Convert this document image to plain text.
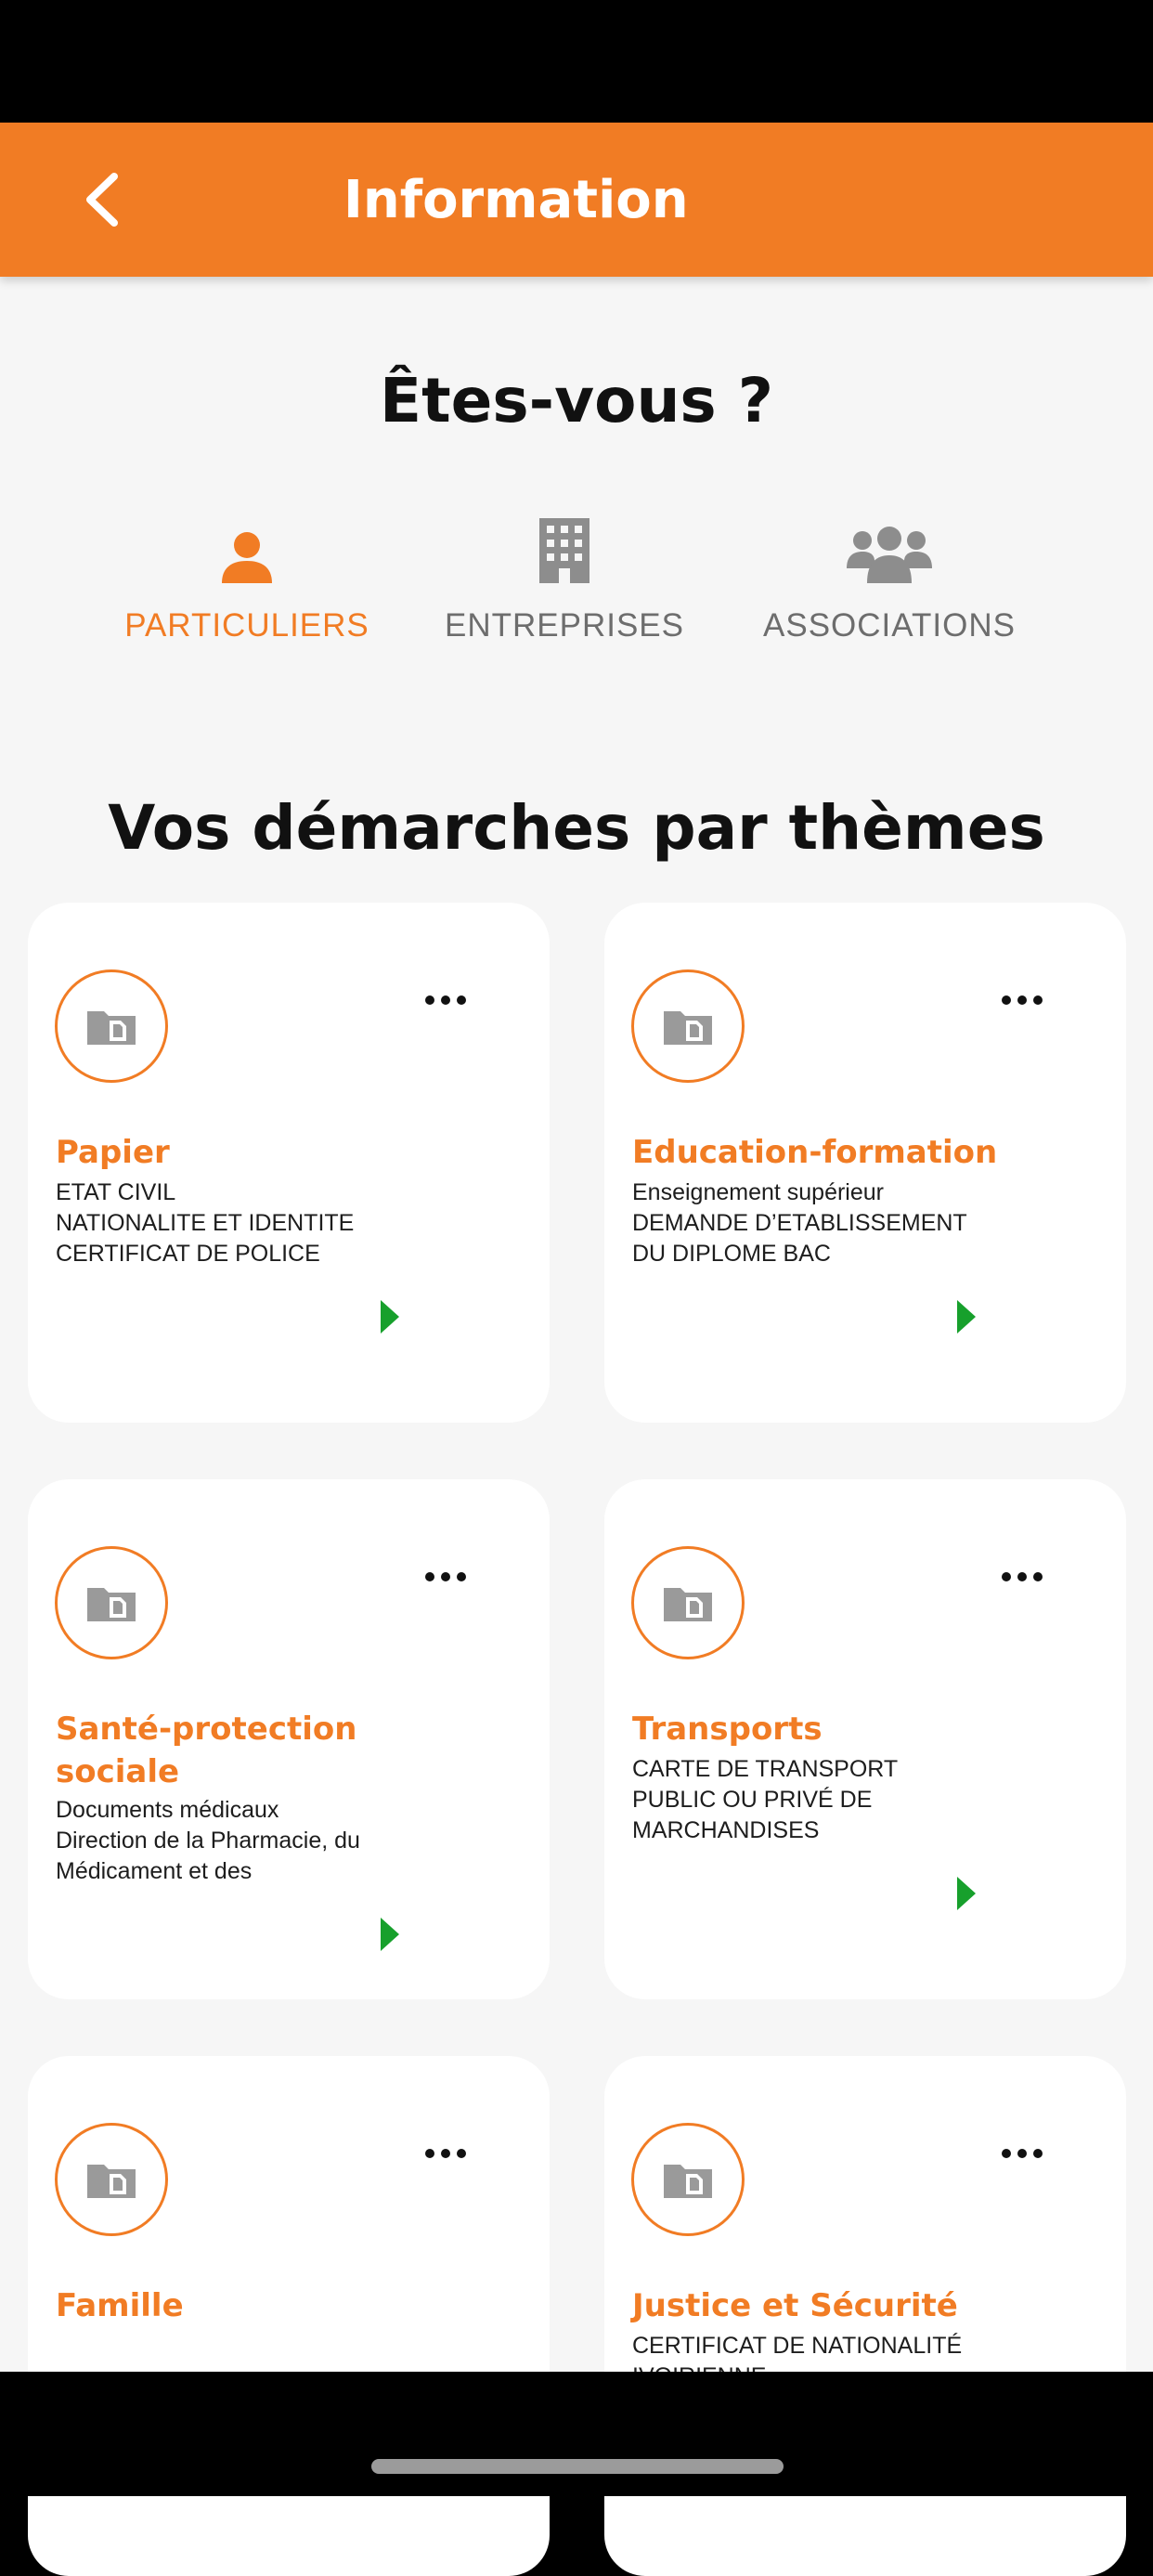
Information
Êtes-vous ?
PARTICULIERS ENTREPRISES ASSOCIATIONS
Vos démarches par thèmes
Papier
ETAT CIVIL
NATIONALITE ET IDENTITE
CERTIFICAT DE POLICE
Education-formation
Enseignement supérieur
DEMANDE D’ETABLISSEMENT
DU DIPLOME BAC
Santé-protection sociale
Documents médicaux
Direction de la Pharmacie, du
Médicament et des
Transports
CARTE DE TRANSPORT
PUBLIC OU PRIVÉ DE
MARCHANDISES
Famille	Justice et Sécurité
CERTIFICAT DE NATIONALITÉ
